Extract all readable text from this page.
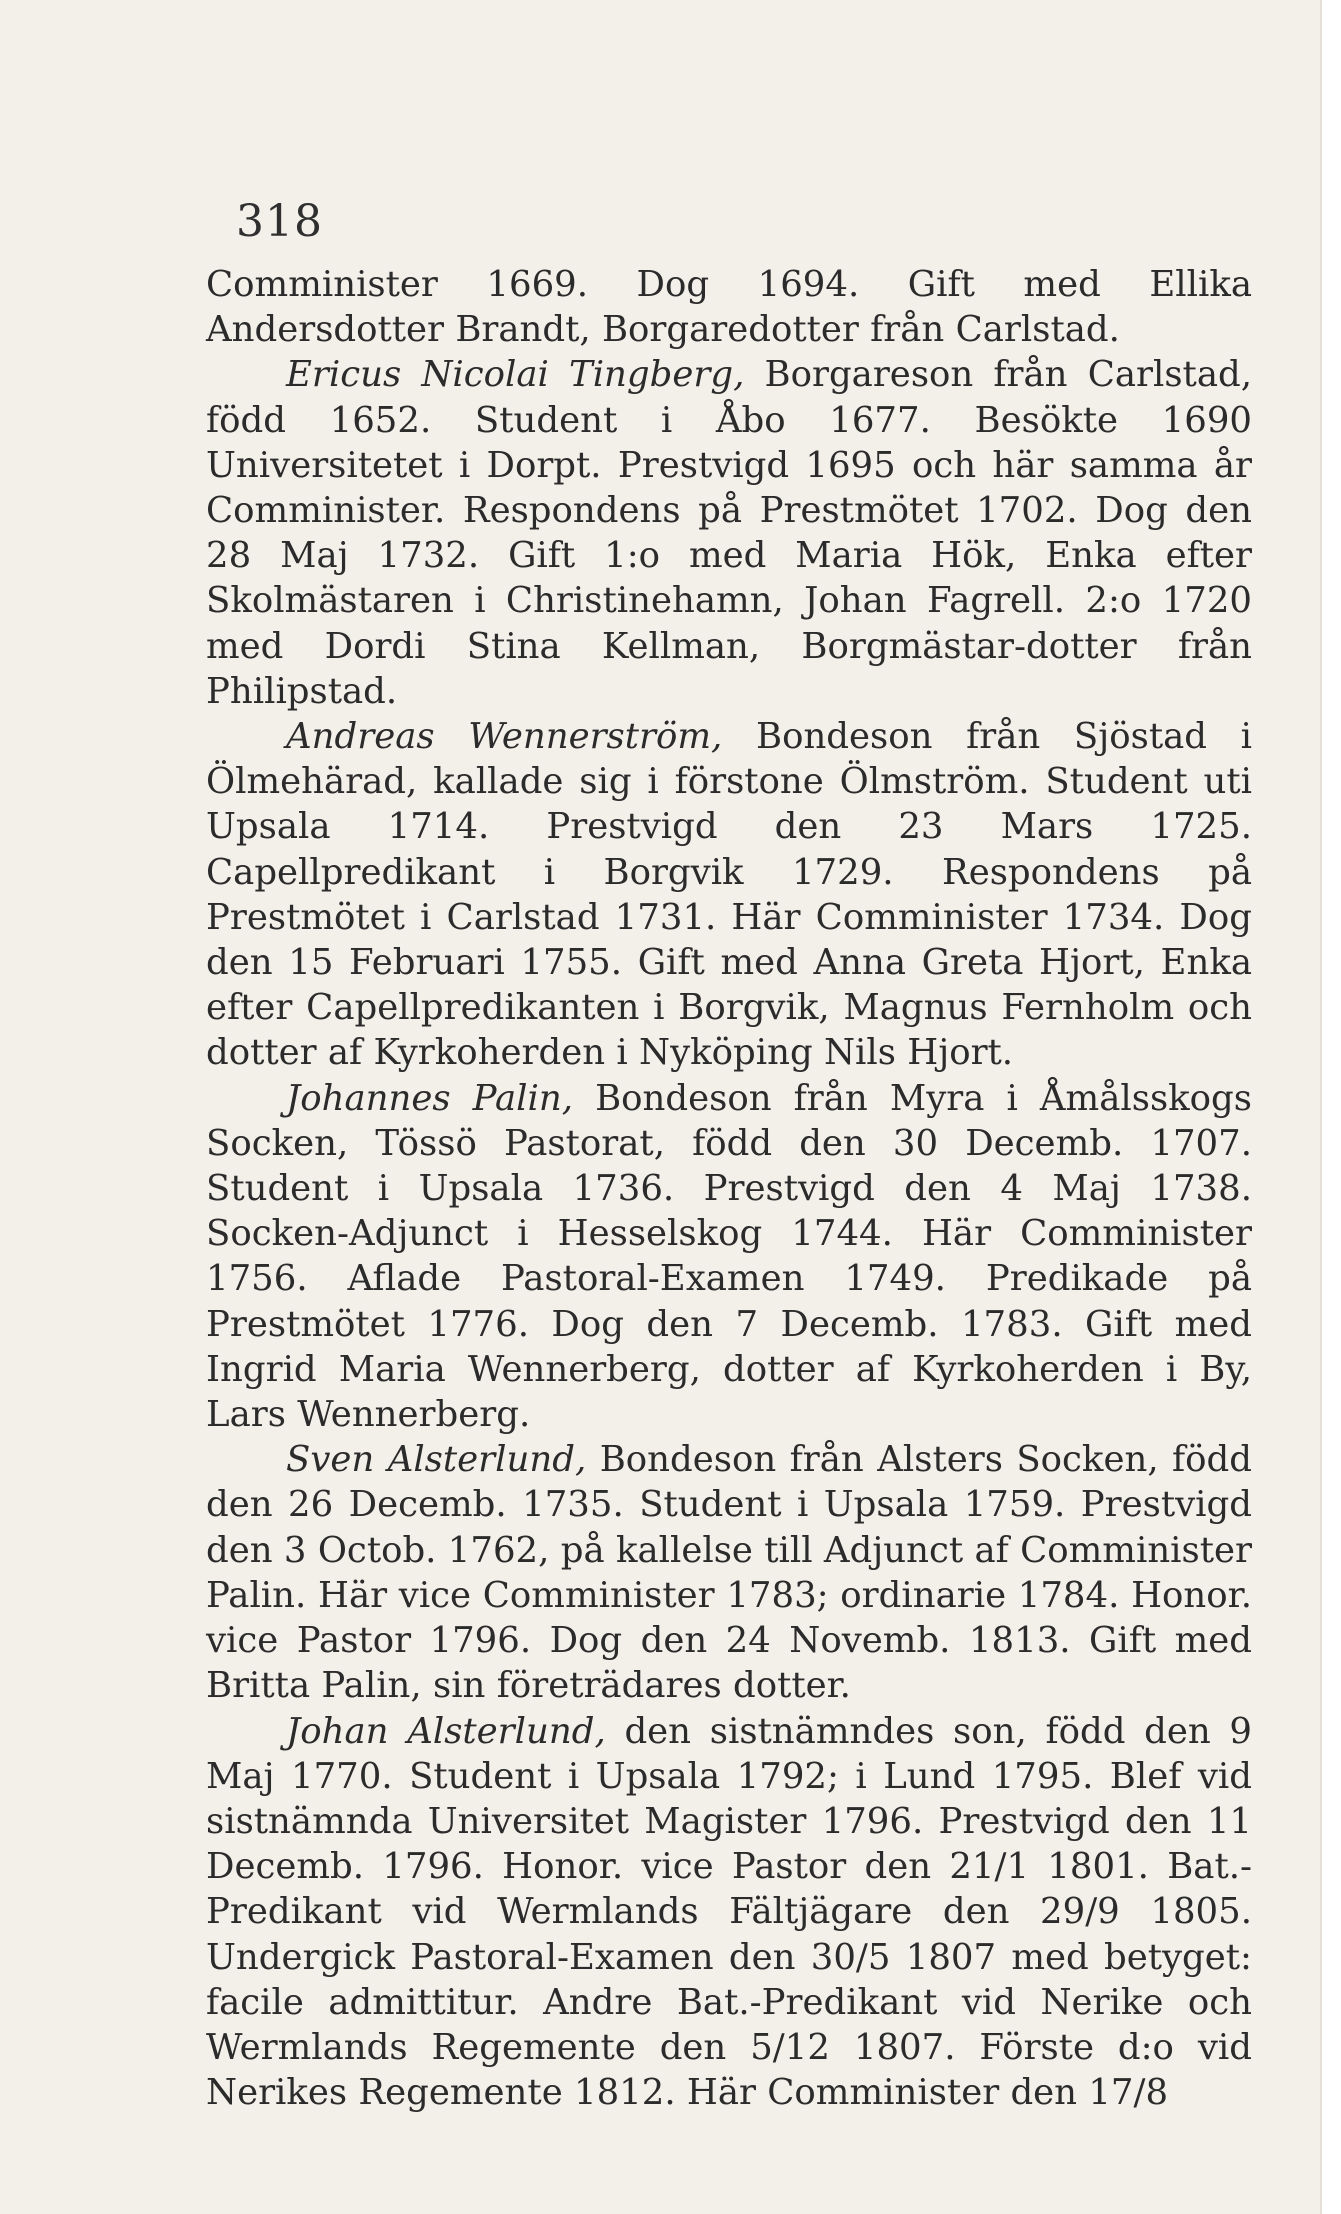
318

Comminister 1669. Dog 1694. Gift med Ellika Andersdotter Brandt, Borgaredotter från Carlstad.

Ericus Nicolai Tingberg, Borgareson från Carlstad, född 1652. Student i Åbo 1677. Besökte 1690 Universitetet i Dorpt. Prestvigd 1695 och här samma år Comminister. Respondens på Prestmötet 1702. Dog den 28 Maj 1732. Gift 1:o med Maria Hök, Enka efter Skolmästaren i Christinehamn, Johan Fagrell. 2:o 1720 med Dordi Stina Kellman, Borgmästar-dotter från Philipstad.

Andreas Wennerström, Bondeson från Sjöstad i Ölmehärad, kallade sig i förstone Ölmström. Student uti Upsala 1714. Prestvigd den 23 Mars 1725. Capellpredikant i Borgvik 1729. Respondens på Prestmötet i Carlstad 1731. Här Comminister 1734. Dog den 15 Februari 1755. Gift med Anna Greta Hjort, Enka efter Capellpredikanten i Borgvik, Magnus Fernholm och dotter af Kyrkoherden i Nyköping Nils Hjort.

Johannes Palin, Bondeson från Myra i Åmålsskogs Socken, Tössö Pastorat, född den 30 Decemb. 1707. Student i Upsala 1736. Prestvigd den 4 Maj 1738. Socken-Adjunct i Hesselskog 1744. Här Comminister 1756. Aflade Pastoral-Examen 1749. Predikade på Prestmötet 1776. Dog den 7 Decemb. 1783. Gift med Ingrid Maria Wennerberg, dotter af Kyrkoherden i By, Lars Wennerberg.

Sven Alsterlund, Bondeson från Alsters Socken, född den 26 Decemb. 1735. Student i Upsala 1759. Prestvigd den 3 Octob. 1762, på kallelse till Adjunct af Comminister Palin. Här vice Comminister 1783; ordinarie 1784. Honor. vice Pastor 1796. Dog den 24 Novemb. 1813. Gift med Britta Palin, sin företrädares dotter.

Johan Alsterlund, den sistnämndes son, född den 9 Maj 1770. Student i Upsala 1792; i Lund 1795. Blef vid sistnämnda Universitet Magister 1796. Prestvigd den 11 Decemb. 1796. Honor. vice Pastor den 21/1 1801. Bat.-Predikant vid Wermlands Fältjägare den 29/9 1805. Undergick Pastoral-Examen den 30/5 1807 med betyget: facile admittitur. Andre Bat.-Predikant vid Nerike och Wermlands Regemente den 5/12 1807. Förste d:o vid Nerikes Regemente 1812. Här Comminister den 17/8
